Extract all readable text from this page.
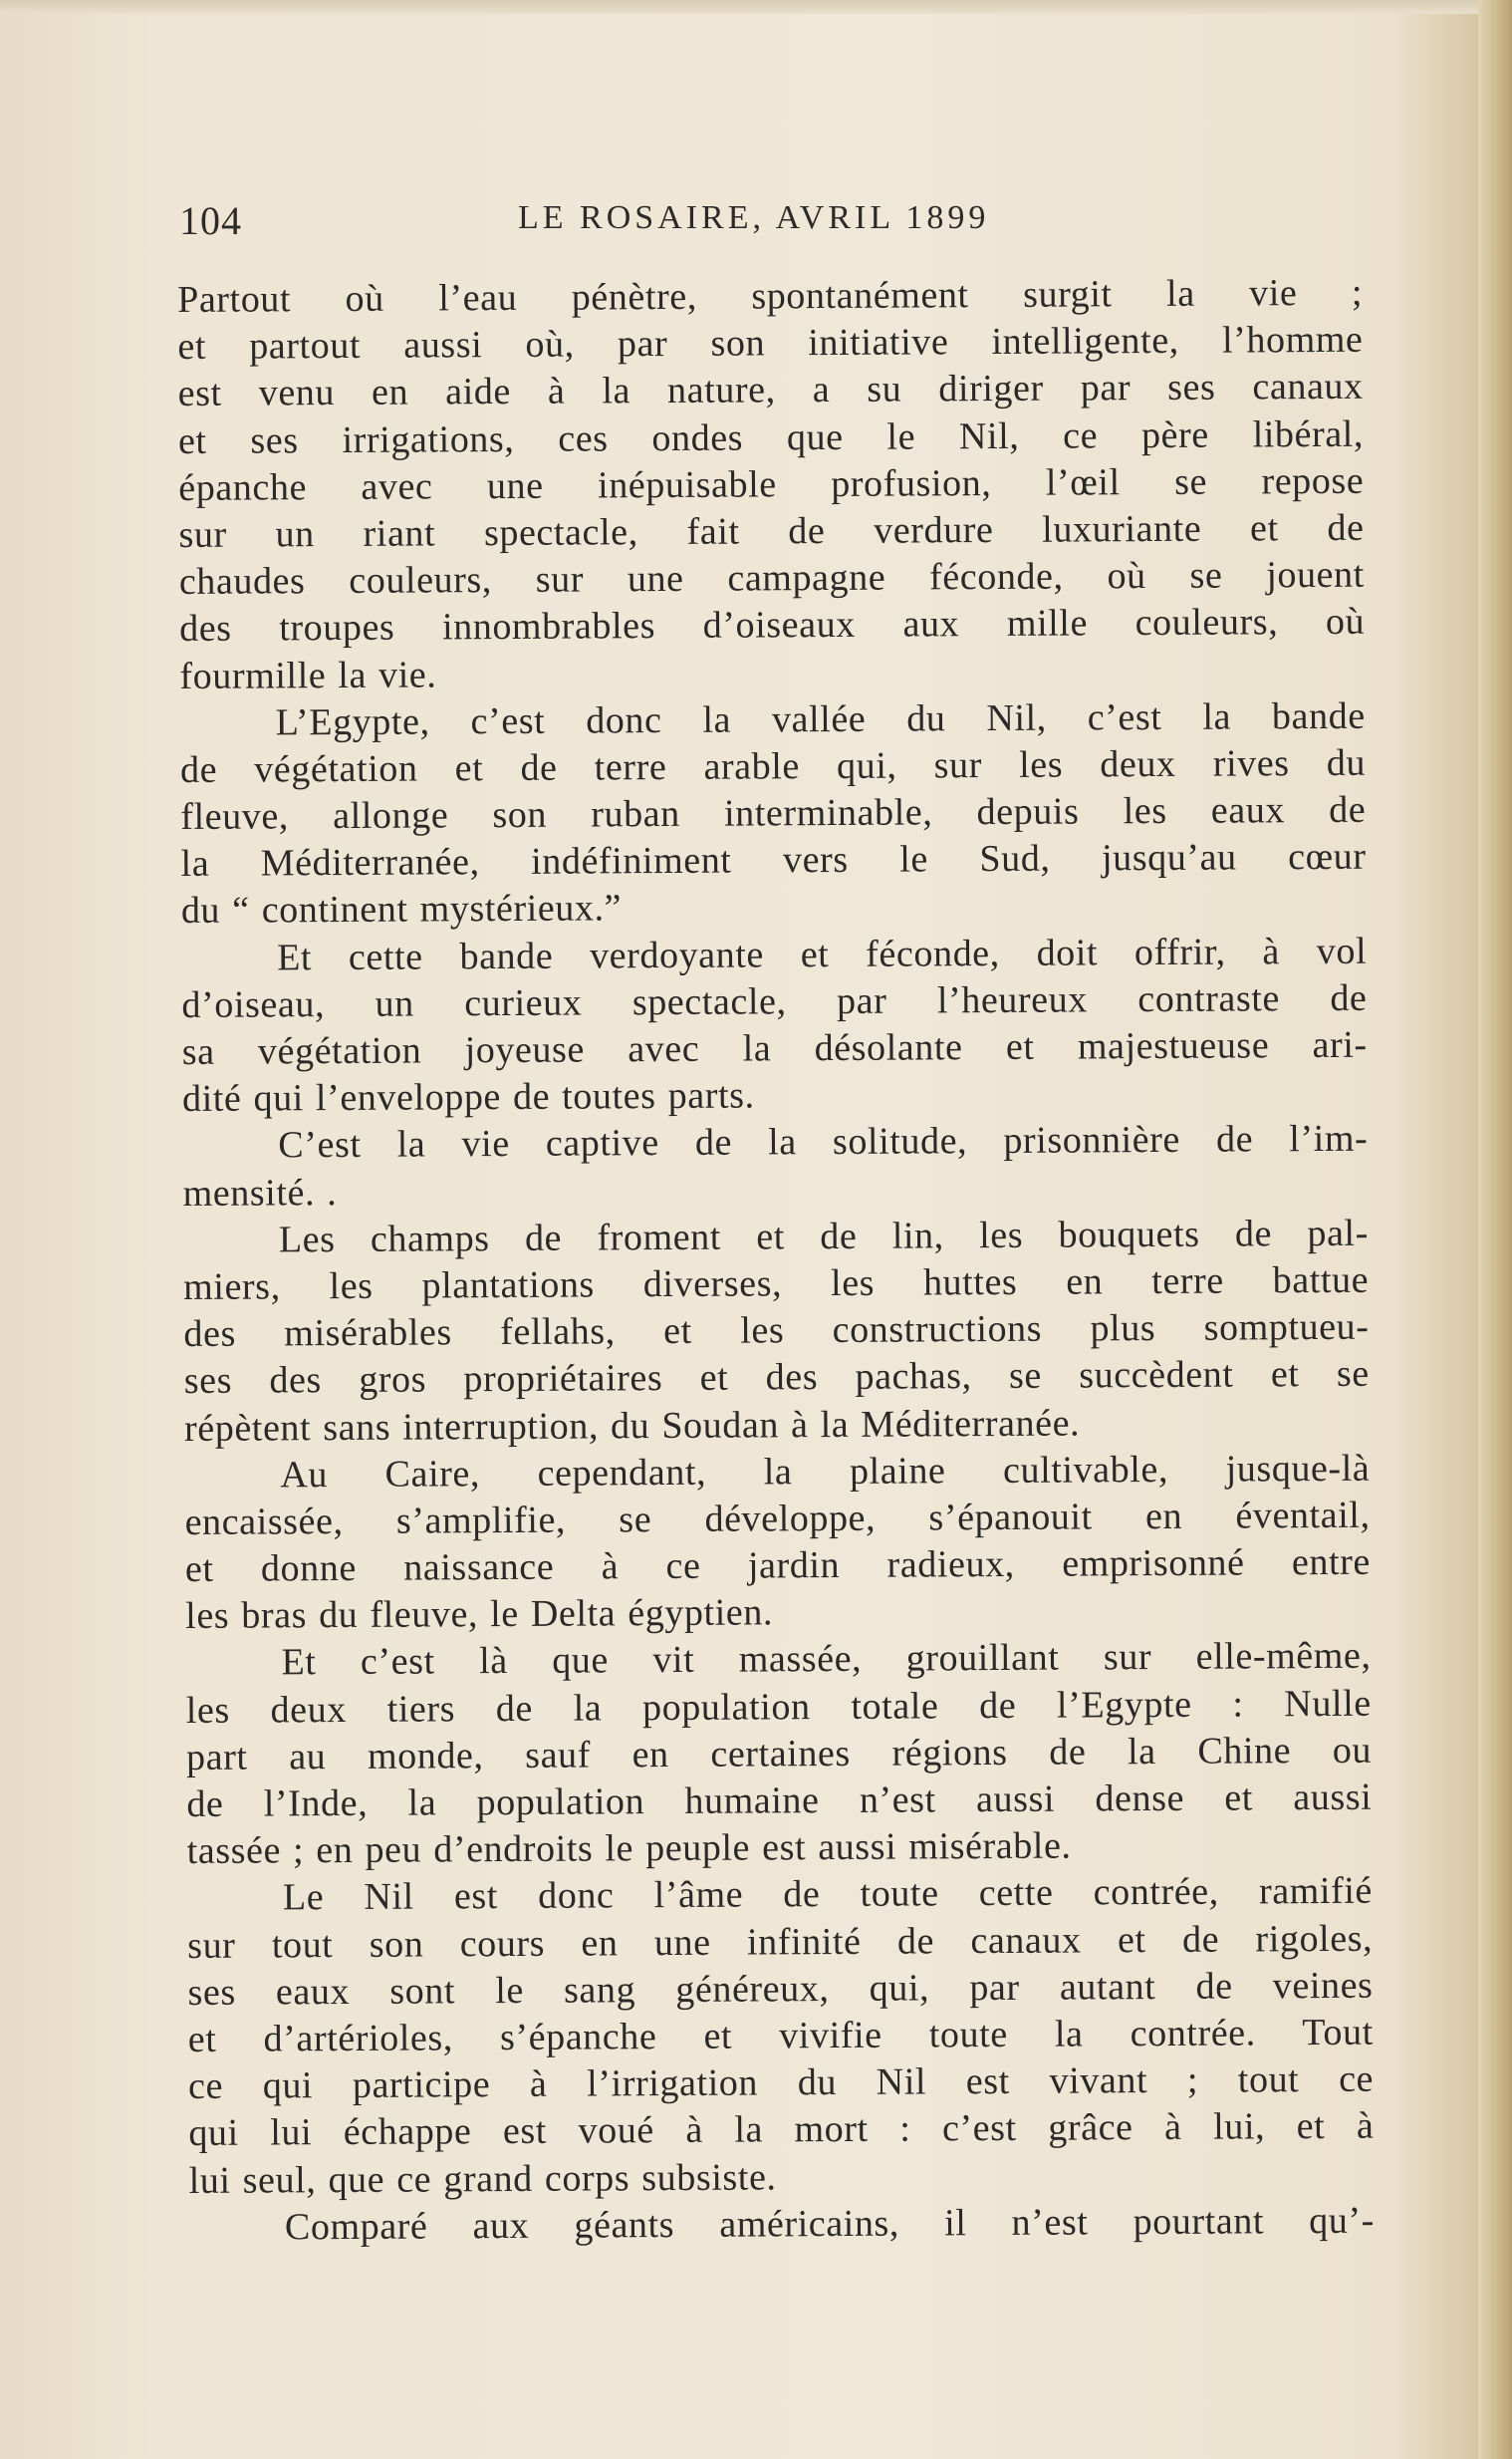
104	LE ROSAIRE, AVRIL 1899
Partout où l’eau pénètre, spontanément surgit la vie ;
et partout aussi où, par son initiative intelligente, l’homme
est venu en aide à la nature, a su diriger par ses canaux
et ses irrigations, ces ondes que le Nil, ce père libéral,
épanche avec une inépuisable profusion, l’œil se repose
sur un riant spectacle, fait de verdure luxuriante et de
chaudes couleurs, sur une campagne féconde, où se jouent
des troupes innombrables d’oiseaux aux mille couleurs, où
fourmille la vie.
L’Egypte, c’est donc la vallée du Nil, c’est la bande
de végétation et de terre arable qui, sur les deux rives du
fleuve, allonge son ruban interminable, depuis les eaux de
la Méditerranée, indéfiniment vers le Sud, jusqu’au cœur
du “ continent mystérieux.”
Et cette bande verdoyante et féconde, doit offrir, à vol
d’oiseau, un curieux spectacle, par l’heureux contraste de
sa végétation joyeuse avec la désolante et majestueuse ari-
dité qui l’enveloppe de toutes parts.
C’est la vie captive de la solitude, prisonnière de l’im-
mensité. .
Les champs de froment et de lin, les bouquets de pal-
miers, les plantations diverses, les huttes en terre battue
des misérables fellahs, et les constructions plus somptueu-
ses des gros propriétaires et des pachas, se succèdent et se
répètent sans interruption, du Soudan à la Méditerranée.
Au Caire, cependant, la plaine cultivable, jusque-là
encaissée, s’amplifie, se développe, s’épanouit en éventail,
et donne naissance à ce jardin radieux, emprisonné entre
les bras du fleuve, le Delta égyptien.
Et c’est là que vit massée, grouillant sur elle-même,
les deux tiers de la population totale de l’Egypte : Nulle
part au monde, sauf en certaines régions de la Chine ou
de l’Inde, la population humaine n’est aussi dense et aussi
tassée ; en peu d’endroits le peuple est aussi misérable.
Le Nil est donc l’âme de toute cette contrée, ramifié
sur tout son cours en une infinité de canaux et de rigoles,
ses eaux sont le sang généreux, qui, par autant de veines
et d’artérioles, s’épanche et vivifie toute la contrée. Tout
ce qui participe à l’irrigation du Nil est vivant ; tout ce
qui lui échappe est voué à la mort : c’est grâce à lui, et à
lui seul, que ce grand corps subsiste.
Comparé aux géants américains, il n’est pourtant qu’-
